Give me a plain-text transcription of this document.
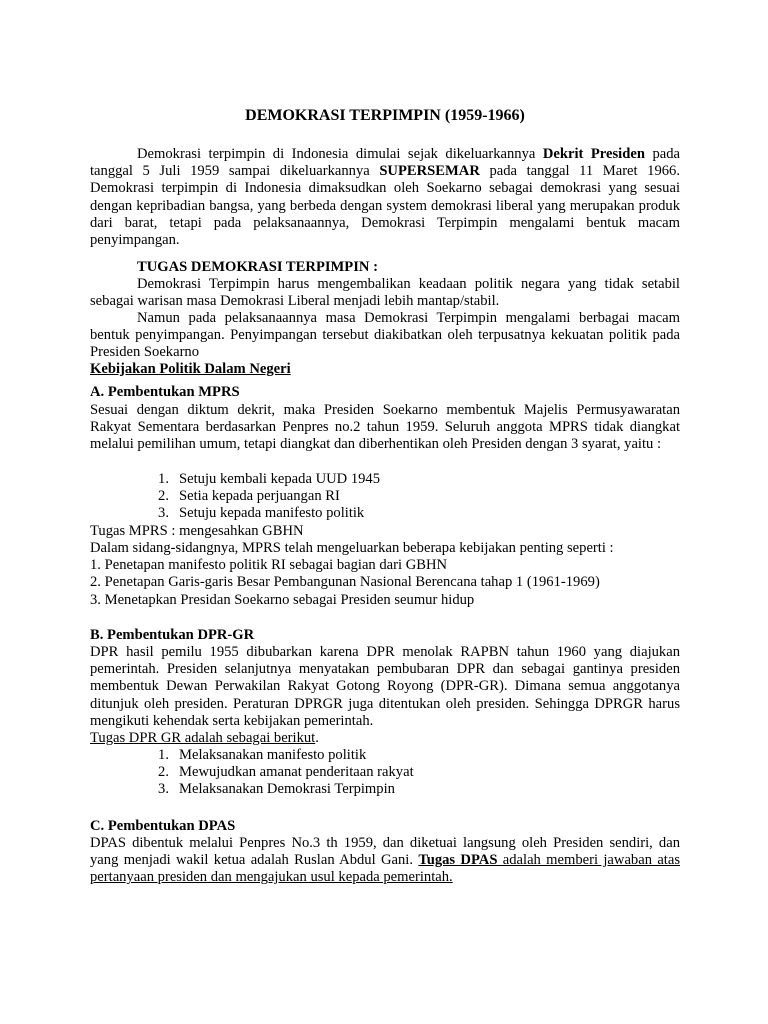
DEMOKRASI TERPIMPIN (1959-1966)
Demokrasi terpimpin di Indonesia dimulai sejak dikeluarkannya Dekrit Presiden pada tanggal 5 Juli 1959 sampai dikeluarkannya SUPERSEMAR pada tanggal 11 Maret 1966. Demokrasi terpimpin di Indonesia dimaksudkan oleh Soekarno sebagai demokrasi yang sesuai dengan kepribadian bangsa, yang berbeda dengan system demokrasi liberal yang merupakan produk dari barat, tetapi pada pelaksanaannya, Demokrasi Terpimpin mengalami bentuk macam penyimpangan.
TUGAS DEMOKRASI TERPIMPIN :
Demokrasi Terpimpin harus mengembalikan keadaan politik negara yang tidak setabil sebagai warisan masa Demokrasi Liberal menjadi lebih mantap/stabil.
Namun pada pelaksanaannya masa Demokrasi Terpimpin mengalami berbagai macam bentuk penyimpangan. Penyimpangan tersebut diakibatkan oleh terpusatnya kekuatan politik pada Presiden Soekarno
Kebijakan Politik Dalam Negeri
A. Pembentukan MPRS
Sesuai dengan diktum dekrit, maka Presiden Soekarno membentuk Majelis Permusyawaratan Rakyat Sementara berdasarkan Penpres no.2 tahun 1959. Seluruh anggota MPRS tidak diangkat melalui pemilihan umum, tetapi diangkat dan diberhentikan oleh Presiden dengan 3 syarat, yaitu :
1. Setuju kembali kepada UUD 1945
2. Setia kepada perjuangan RI
3. Setuju kepada manifesto politik
Tugas MPRS : mengesahkan GBHN
Dalam sidang-sidangnya, MPRS telah mengeluarkan beberapa kebijakan penting seperti :
1. Penetapan manifesto politik RI sebagai bagian dari GBHN
2. Penetapan Garis-garis Besar Pembangunan Nasional Berencana tahap 1 (1961-1969)
3. Menetapkan Presidan Soekarno sebagai Presiden seumur hidup
B. Pembentukan DPR-GR
DPR hasil pemilu 1955 dibubarkan karena DPR menolak RAPBN tahun 1960 yang diajukan pemerintah. Presiden selanjutnya menyatakan pembubaran DPR dan sebagai gantinya presiden membentuk Dewan Perwakilan Rakyat Gotong Royong (DPR-GR). Dimana semua anggotanya ditunjuk oleh presiden. Peraturan DPRGR juga ditentukan oleh presiden. Sehingga DPRGR harus mengikuti kehendak serta kebijakan pemerintah.
Tugas DPR GR adalah sebagai berikut.
1. Melaksanakan manifesto politik
2. Mewujudkan amanat penderitaan rakyat
3. Melaksanakan Demokrasi Terpimpin
C. Pembentukan DPAS
DPAS dibentuk melalui Penpres No.3 th 1959, dan diketuai langsung oleh Presiden sendiri, dan yang menjadi wakil ketua adalah Ruslan Abdul Gani. Tugas DPAS adalah memberi jawaban atas pertanyaan presiden dan mengajukan usul kepada pemerintah.
